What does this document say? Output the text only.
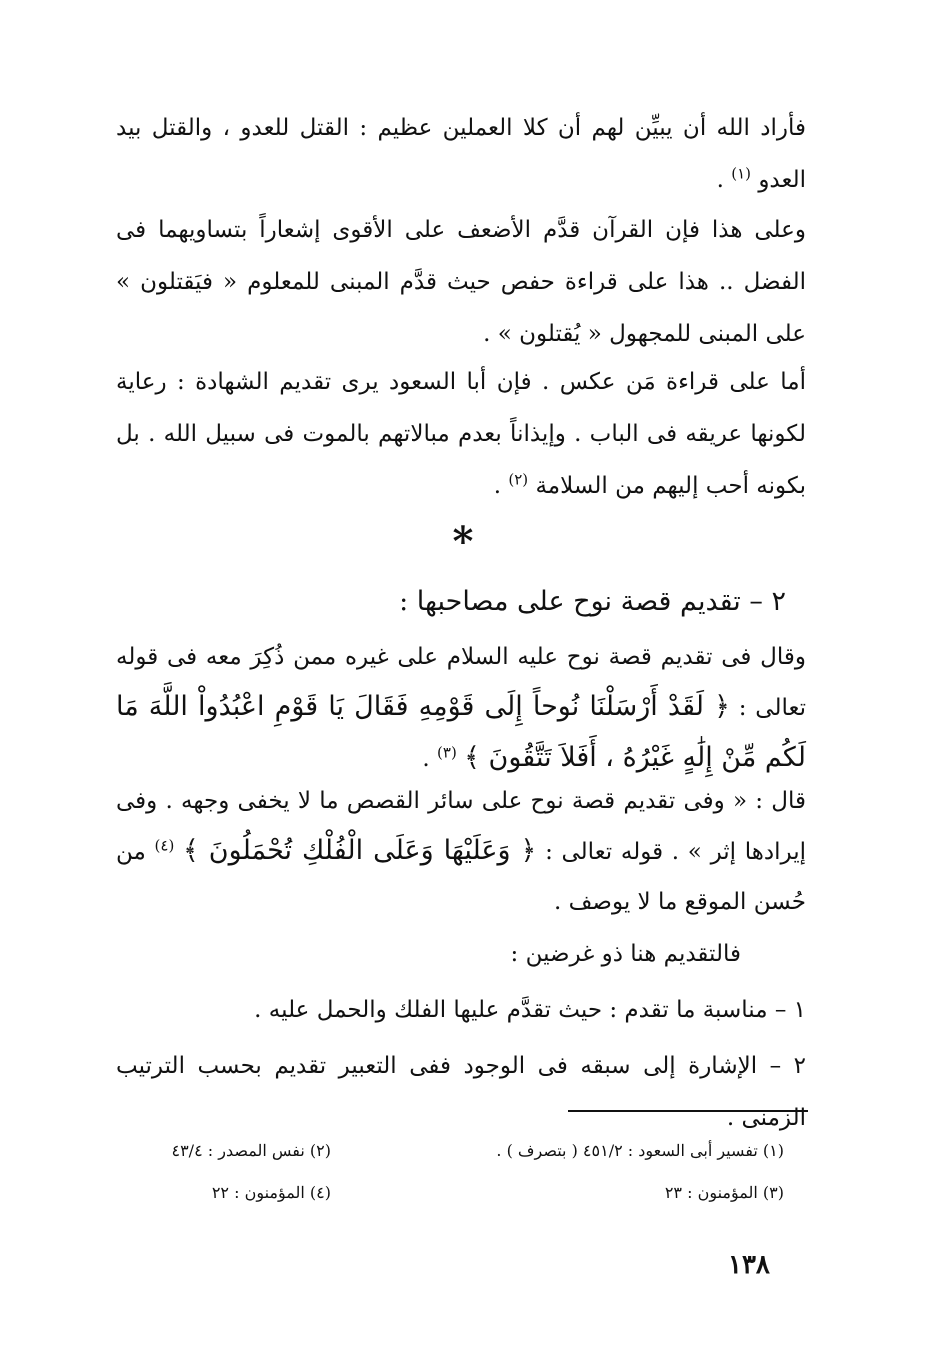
فأراد الله أن يبيِّن لهم أن كلا العملين عظيم : القتل للعدو ، والقتل بيد العدو $^{(١)}$ .
وعلى هذا فإن القرآن قدَّم الأضعف على الأقوى إشعاراً بتساويهما فى الفضل .. هذا على قراءة حفص حيث قدَّم المبنى للمعلوم « فيَقتلون » على المبنى للمجهول « يُقتلون » .
أما على قراءة مَن عكس . فإن أبا السعود يرى تقديم الشهادة : رعاية لكونها عريقه فى الباب . وإيذاناً بعدم مبالاتهم بالموت فى سبيل الله . بل بكونه أحب إليهم من السلامة $^{(٢)}$ .
*
٢ – تقديم قصة نوح على مصاحبها :
وقال فى تقديم قصة نوح عليه السلام على غيره ممن ذُكِرَ معه فى قوله تعالى : ﴿ لَقَدْ أَرْسَلْنَا نُوحاً إِلَى قَوْمِهِ فَقَالَ يَا قَوْمِ اعْبُدُواْ اللَّهَ مَا لَكُم مِّنْ إِلَٰهٍ غَيْرُهُ ، أَفَلاَ تَتَّقُونَ ﴾ $^{(٣)}$ .
قال : « وفى تقديم قصة نوح على سائر القصص ما لا يخفى وجهه . وفى إيرادها إثر » . قوله تعالى : ﴿ وَعَلَيْهَا وَعَلَى الْفُلْكِ تُحْمَلُونَ ﴾ $^{(٤)}$ من حُسن الموقع ما لا يوصف .
فالتقديم هنا ذو غرضين :
١ – مناسبة ما تقدم : حيث تقدَّم عليها الفلك والحمل عليه .
٢ – الإشارة إلى سبقه فى الوجود ففى التعبير تقديم بحسب الترتيب الزمنى .
(١) تفسير أبى السعود : ٤٥١/٢ ( بتصرف ) .
(٢) نفس المصدر : ٤٣/٤
(٣) المؤمنون : ٢٣
(٤) المؤمنون : ٢٢
١٣٨
